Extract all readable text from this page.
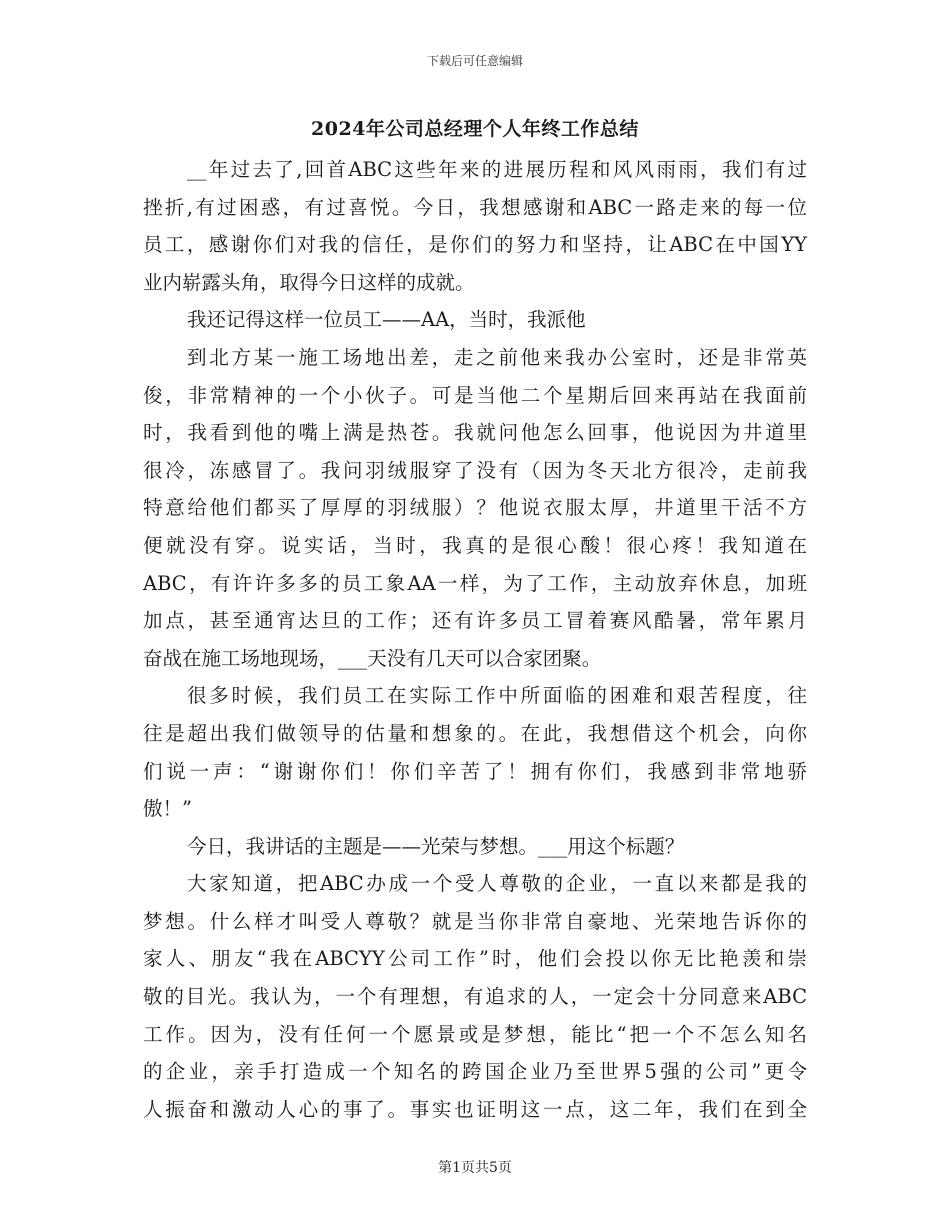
下载后可任意编辑
2024年公司总经理个人年终工作总结
__年过去了,回首ABC这些年来的进展历程和风风雨雨，我们有过
挫折,有过困惑，有过喜悦。今日，我想感谢和ABC一路走来的每一位
员工，感谢你们对我的信任，是你们的努力和坚持，让ABC在中国YY
业内崭露头角，取得今日这样的成就。
我还记得这样一位员工——AA，当时，我派他
到北方某一施工场地出差，走之前他来我办公室时，还是非常英
俊，非常精神的一个小伙子。可是当他二个星期后回来再站在我面前
时，我看到他的嘴上满是热苍。我就问他怎么回事，他说因为井道里
很冷，冻感冒了。我问羽绒服穿了没有（因为冬天北方很冷，走前我
特意给他们都买了厚厚的羽绒服）？他说衣服太厚，井道里干活不方
便就没有穿。说实话，当时，我真的是很心酸！很心疼！我知道在
ABC，有许许多多的员工象AA一样，为了工作，主动放弃休息，加班
加点，甚至通宵达旦的工作；还有许多员工冒着赛风酷暑，常年累月
奋战在施工场地现场，___天没有几天可以合家团聚。
很多时候，我们员工在实际工作中所面临的困难和艰苦程度，往
往是超出我们做领导的估量和想象的。在此，我想借这个机会，向你
们说一声：“谢谢你们！你们辛苦了！拥有你们，我感到非常地骄
傲！”
今日，我讲话的主题是——光荣与梦想。___用这个标题？
大家知道，把ABC办成一个受人尊敬的企业，一直以来都是我的
梦想。什么样才叫受人尊敬？就是当你非常自豪地、光荣地告诉你的
家人、朋友“我在ABCYY公司工作”时，他们会投以你无比艳羡和崇
敬的目光。我认为，一个有理想，有追求的人，一定会十分同意来ABC
工作。因为，没有任何一个愿景或是梦想，能比“把一个不怎么知名
的企业，亲手打造成一个知名的跨国企业乃至世界5强的公司”更令
人振奋和激动人心的事了。事实也证明这一点，这二年，我们在到全
第1页共5页
